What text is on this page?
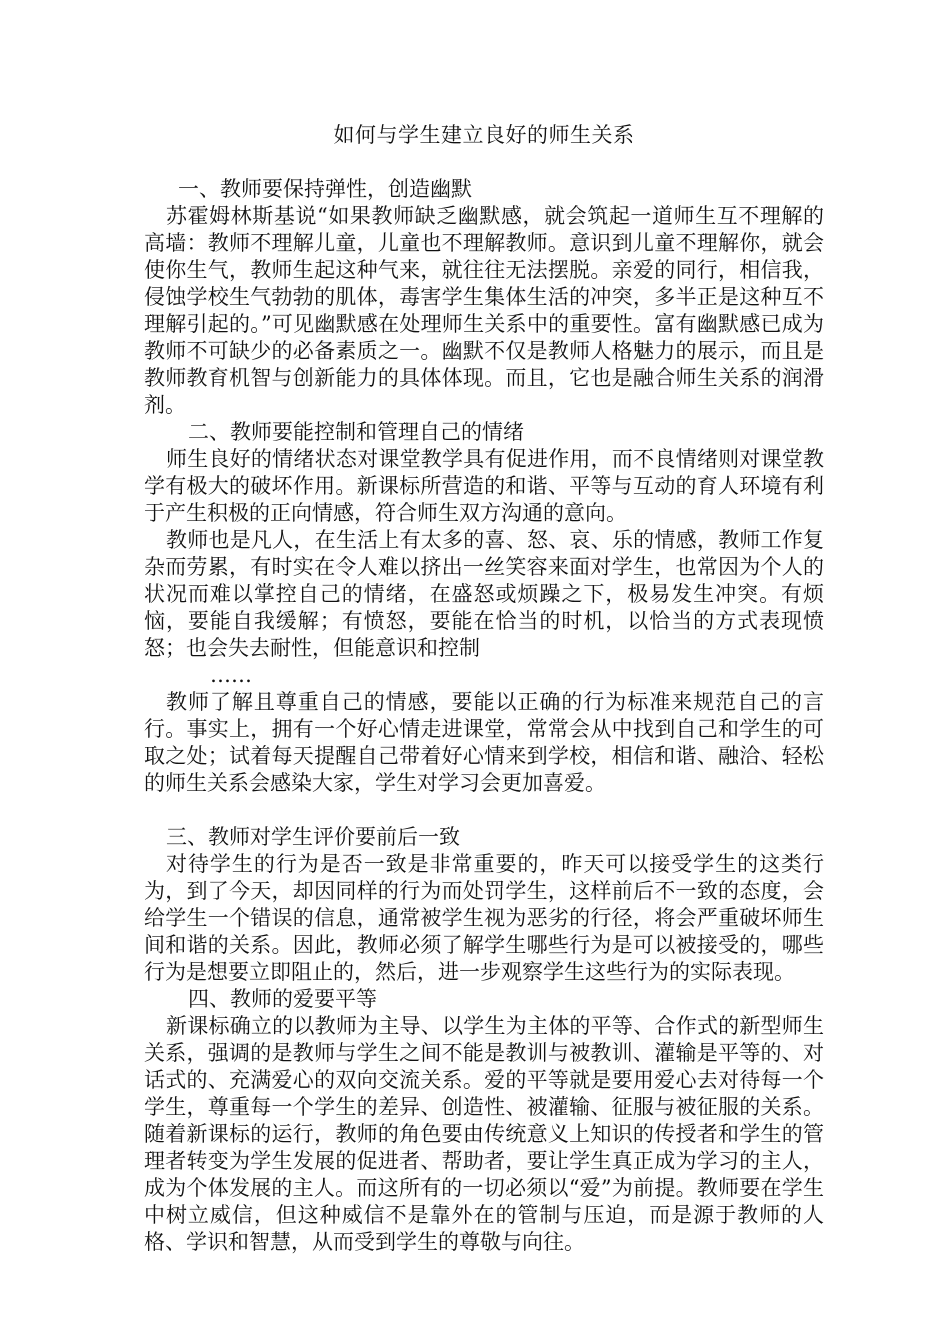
如何与学生建立良好的师生关系
一、教师要保持弹性，创造幽默

苏霍姆林斯基说“如果教师缺乏幽默感，就会筑起一道师生互不理解的高墙：教师不理解儿童，儿童也不理解教师。意识到儿童不理解你，就会使你生气，教师生起这种气来，就往往无法摆脱。亲爱的同行，相信我，侵蚀学校生气勃勃的肌体，毒害学生集体生活的冲突，多半正是这种互不理解引起的。”可见幽默感在处理师生关系中的重要性。富有幽默感已成为教师不可缺少的必备素质之一。幽默不仅是教师人格魅力的展示，而且是教师教育机智与创新能力的具体体现。而且，它也是融合师生关系的润滑剂。

二、教师要能控制和管理自己的情绪

师生良好的情绪状态对课堂教学具有促进作用，而不良情绪则对课堂教学有极大的破坏作用。新课标所营造的和谐、平等与互动的育人环境有利于产生积极的正向情感，符合师生双方沟通的意向。

教师也是凡人，在生活上有太多的喜、怒、哀、乐的情感，教师工作复杂而劳累，有时实在令人难以挤出一丝笑容来面对学生，也常因为个人的状况而难以掌控自己的情绪，在盛怒或烦躁之下，极易发生冲突。有烦恼，要能自我缓解；有愤怒，要能在恰当的时机，以恰当的方式表现愤怒；也会失去耐性，但能意识和控制

……

教师了解且尊重自己的情感，要能以正确的行为标准来规范自己的言行。事实上，拥有一个好心情走进课堂，常常会从中找到自己和学生的可取之处；试着每天提醒自己带着好心情来到学校，相信和谐、融洽、轻松的师生关系会感染大家，学生对学习会更加喜爱。

三、教师对学生评价要前后一致

对待学生的行为是否一致是非常重要的，昨天可以接受学生的这类行为，到了今天，却因同样的行为而处罚学生，这样前后不一致的态度，会给学生一个错误的信息，通常被学生视为恶劣的行径，将会严重破坏师生间和谐的关系。因此，教师必须了解学生哪些行为是可以被接受的，哪些行为是想要立即阻止的，然后，进一步观察学生这些行为的实际表现。

四、教师的爱要平等

新课标确立的以教师为主导、以学生为主体的平等、合作式的新型师生关系，强调的是教师与学生之间不能是教训与被教训、灌输是平等的、对话式的、充满爱心的双向交流关系。爱的平等就是要用爱心去对待每一个学生，尊重每一个学生的差异、创造性、被灌输、征服与被征服的关系。随着新课标的运行，教师的角色要由传统意义上知识的传授者和学生的管理者转变为学生发展的促进者、帮助者，要让学生真正成为学习的主人，成为个体发展的主人。而这所有的一切必须以“爱”为前提。教师要在学生中树立威信，但这种威信不是靠外在的管制与压迫，而是源于教师的人格、学识和智慧，从而受到学生的尊敬与向往。
